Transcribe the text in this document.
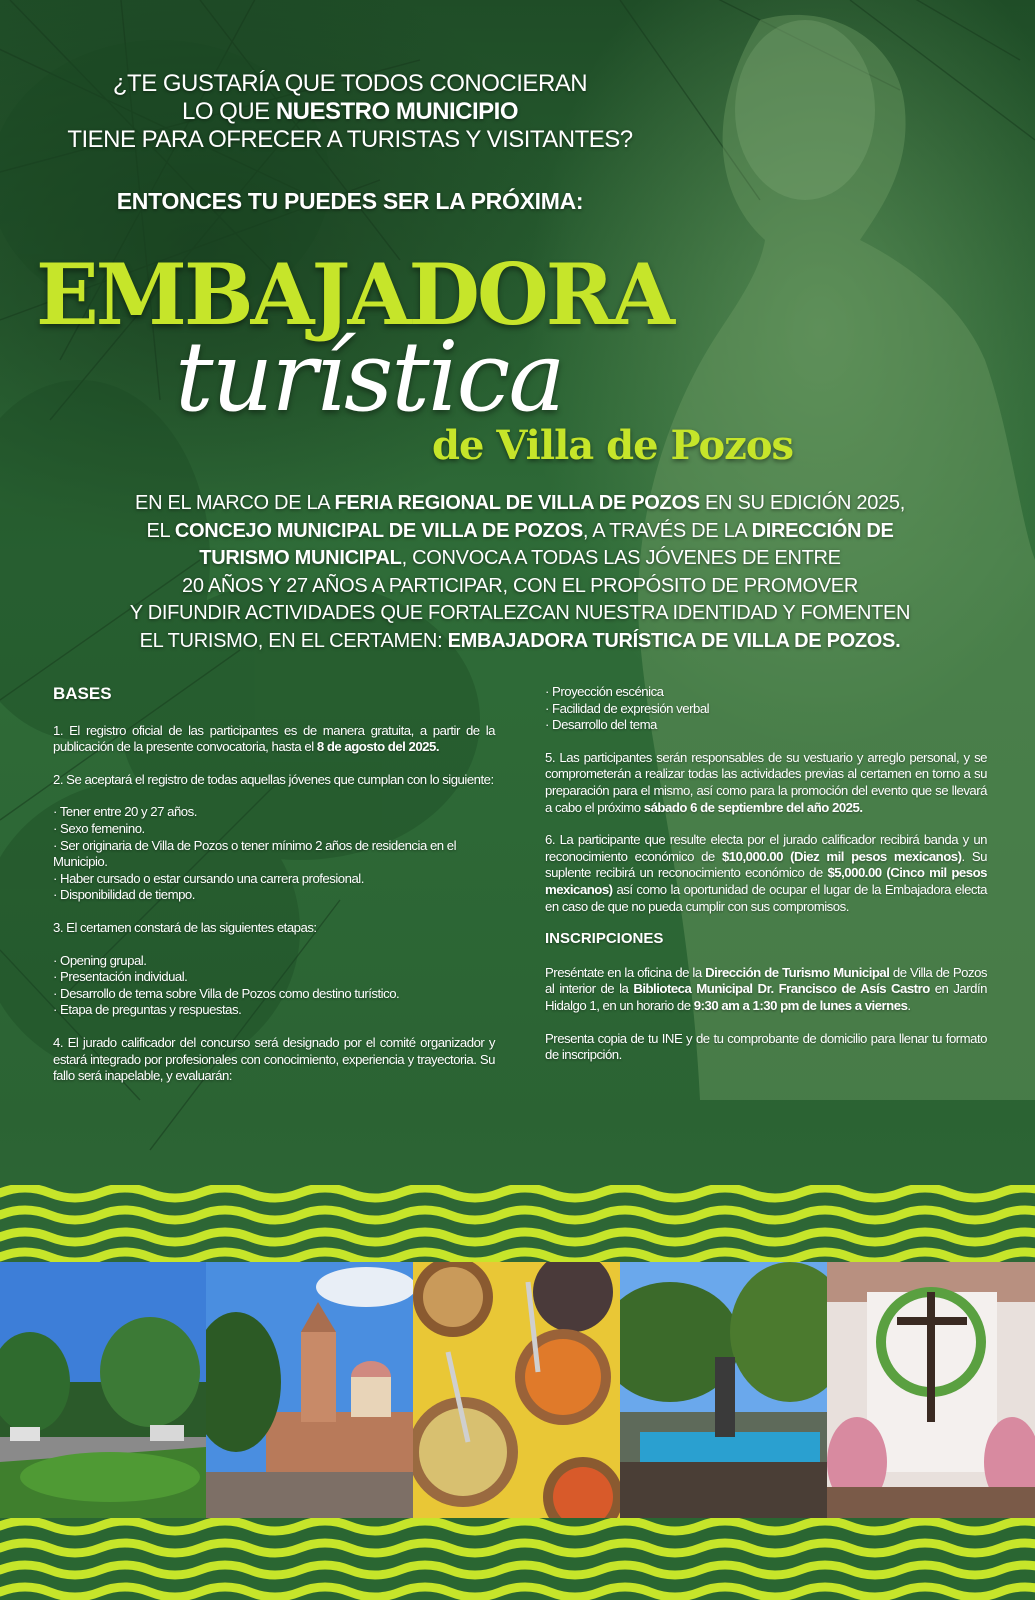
¿TE GUSTARÍA QUE TODOS CONOCIERAN
LO QUE NUESTRO MUNICIPIO
TIENE PARA OFRECER A TURISTAS Y VISITANTES?
ENTONCES TU PUEDES SER LA PRÓXIMA:
EMBAJADORA
turística
de Villa de Pozos
EN EL MARCO DE LA FERIA REGIONAL DE VILLA DE POZOS EN SU EDICIÓN 2025,
EL CONCEJO MUNICIPAL DE VILLA DE POZOS, A TRAVÉS DE LA DIRECCIÓN DE
TURISMO MUNICIPAL, CONVOCA A TODAS LAS JÓVENES DE ENTRE
20 AÑOS Y 27 AÑOS A PARTICIPAR, CON EL PROPÓSITO DE PROMOVER
Y DIFUNDIR ACTIVIDADES QUE FORTALEZCAN NUESTRA IDENTIDAD Y FOMENTEN
EL TURISMO, EN EL CERTAMEN: EMBAJADORA TURÍSTICA DE VILLA DE POZOS.
BASES

1. El registro oficial de las participantes es de manera gratuita, a partir de la publicación de la presente convocatoria, hasta el 8 de agosto del 2025.

2. Se aceptará el registro de todas aquellas jóvenes que cumplan con lo siguiente:

· Tener entre 20 y 27 años.
· Sexo femenino.
· Ser originaria de Villa de Pozos o tener mínimo 2 años de residencia en el Municipio.
· Haber cursado o estar cursando una carrera profesional.
· Disponibilidad de tiempo.

3. El certamen constará de las siguientes etapas:

· Opening grupal.
· Presentación individual.
· Desarrollo de tema sobre Villa de Pozos como destino turístico.
· Etapa de preguntas y respuestas.

4. El jurado calificador del concurso será designado por el comité organizador y estará integrado por profesionales con conocimiento, experiencia y trayectoria. Su fallo será inapelable, y evaluarán:

· Proyección escénica
· Facilidad de expresión verbal
· Desarrollo del tema

5. Las participantes serán responsables de su vestuario y arreglo personal, y se comprometerán a realizar todas las actividades previas al certamen en torno a su preparación para el mismo, así como para la promoción del evento que se llevará a cabo el próximo sábado 6 de septiembre del año 2025.

6. La participante que resulte electa por el jurado calificador recibirá banda y un reconocimiento económico de $10,000.00 (Diez mil pesos mexicanos). Su suplente recibirá un reconocimiento económico de $5,000.00 (Cinco mil pesos mexicanos) así como la oportunidad de ocupar el lugar de la Embajadora electa en caso de que no pueda cumplir con sus compromisos.

INSCRIPCIONES

Preséntate en la oficina de la Dirección de Turismo Municipal de Villa de Pozos al interior de la Biblioteca Municipal Dr. Francisco de Asís Castro en Jardín Hidalgo 1, en un horario de 9:30 am a 1:30 pm de lunes a viernes.

Presenta copia de tu INE y de tu comprobante de domicilio para llenar tu formato de inscripción.
